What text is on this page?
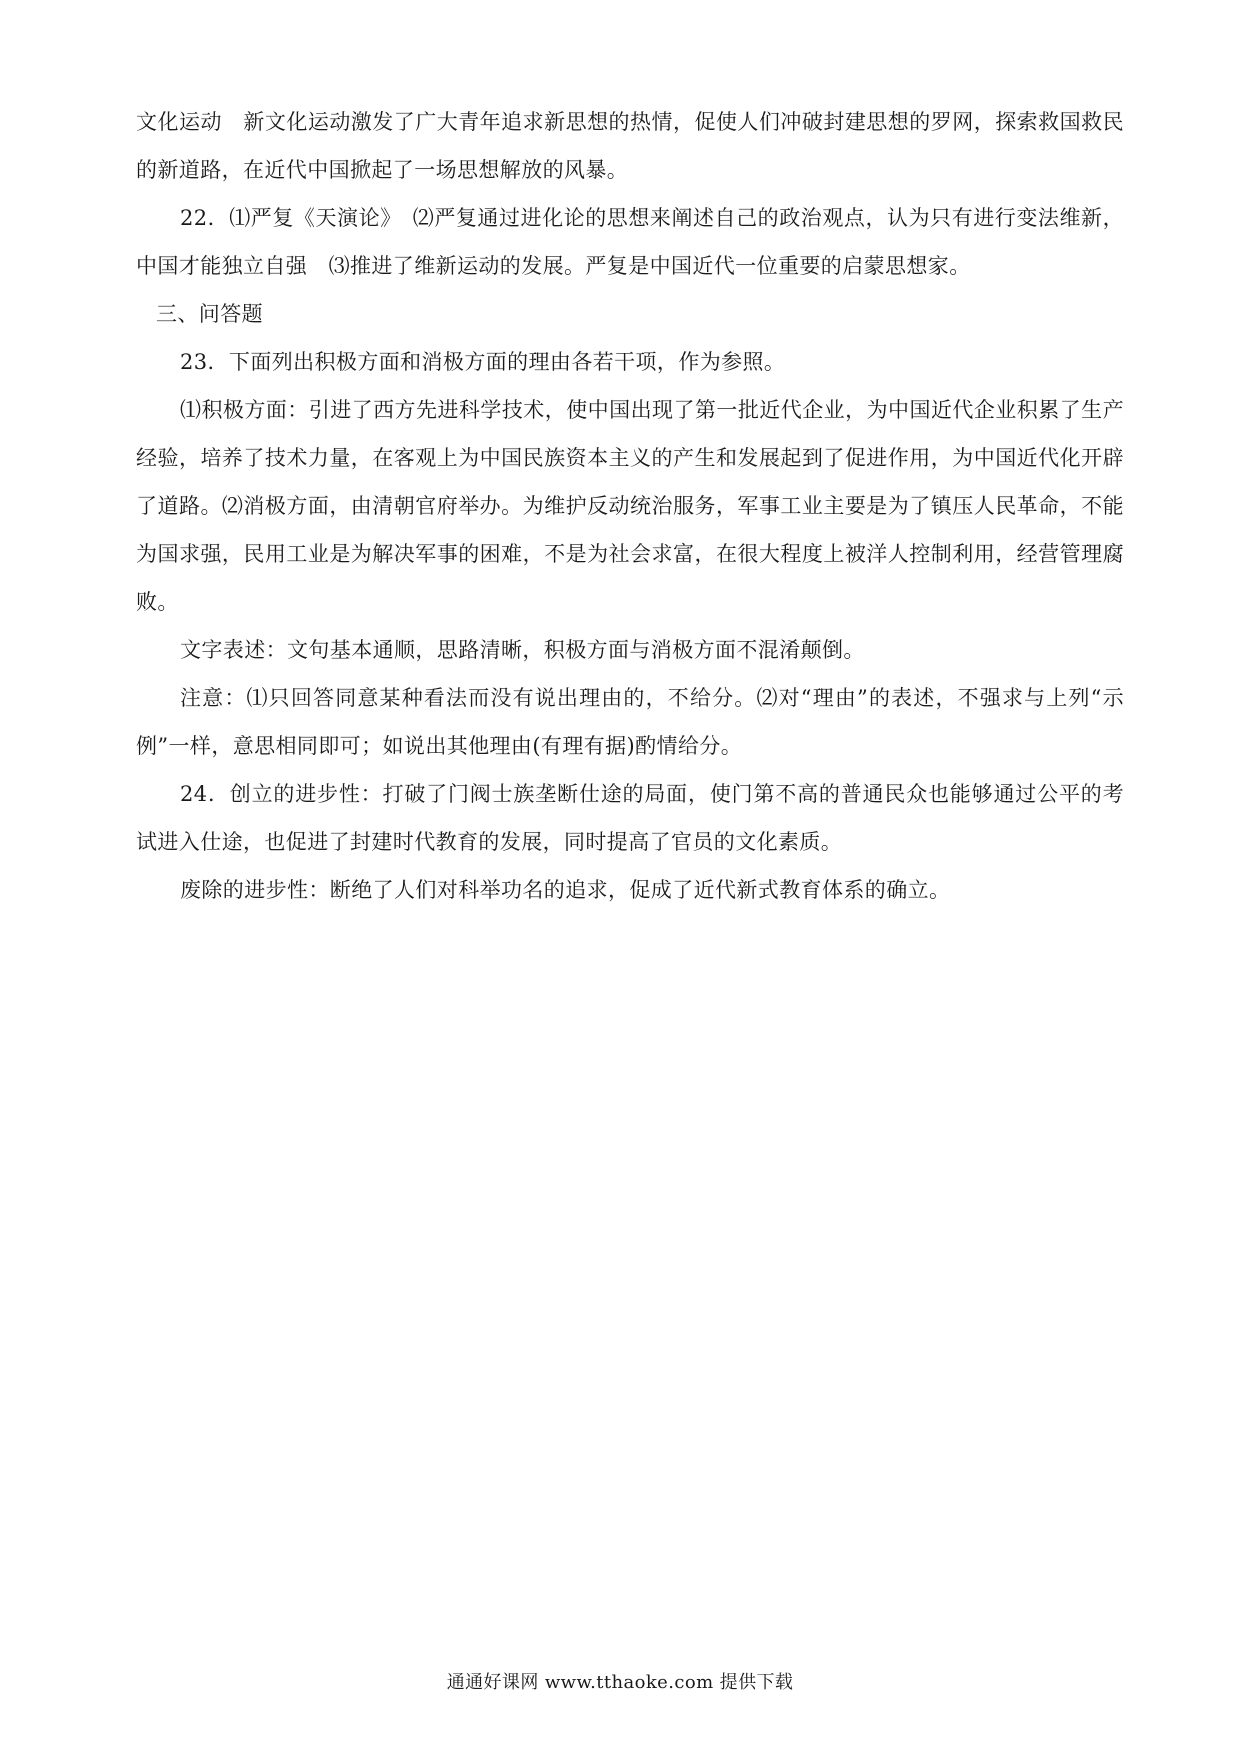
文化运动　新文化运动激发了广大青年追求新思想的热情，促使人们冲破封建思想的罗网，探索救国救民的新道路，在近代中国掀起了一场思想解放的风暴。

22．⑴严复《天演论》　⑵严复通过进化论的思想来阐述自己的政治观点，认为只有进行变法维新，中国才能独立自强　⑶推进了维新运动的发展。严复是中国近代一位重要的启蒙思想家。

三、问答题

23．下面列出积极方面和消极方面的理由各若干项，作为参照。

⑴积极方面：引进了西方先进科学技术，使中国出现了第一批近代企业，为中国近代企业积累了生产经验，培养了技术力量，在客观上为中国民族资本主义的产生和发展起到了促进作用，为中国近代化开辟了道路。⑵消极方面，由清朝官府举办。为维护反动统治服务，军事工业主要是为了镇压人民革命，不能为国求强，民用工业是为解决军事的困难，不是为社会求富，在很大程度上被洋人控制利用，经营管理腐败。

文字表述：文句基本通顺，思路清晰，积极方面与消极方面不混淆颠倒。

注意：⑴只回答同意某种看法而没有说出理由的，不给分。⑵对“理由”的表述，不强求与上列“示例”一样，意思相同即可；如说出其他理由(有理有据)酌情给分。

24．创立的进步性：打破了门阀士族垄断仕途的局面，使门第不高的普通民众也能够通过公平的考试进入仕途，也促进了封建时代教育的发展，同时提高了官员的文化素质。

废除的进步性：断绝了人们对科举功名的追求，促成了近代新式教育体系的确立。

通通好课网 www.tthaoke.com 提供下载
